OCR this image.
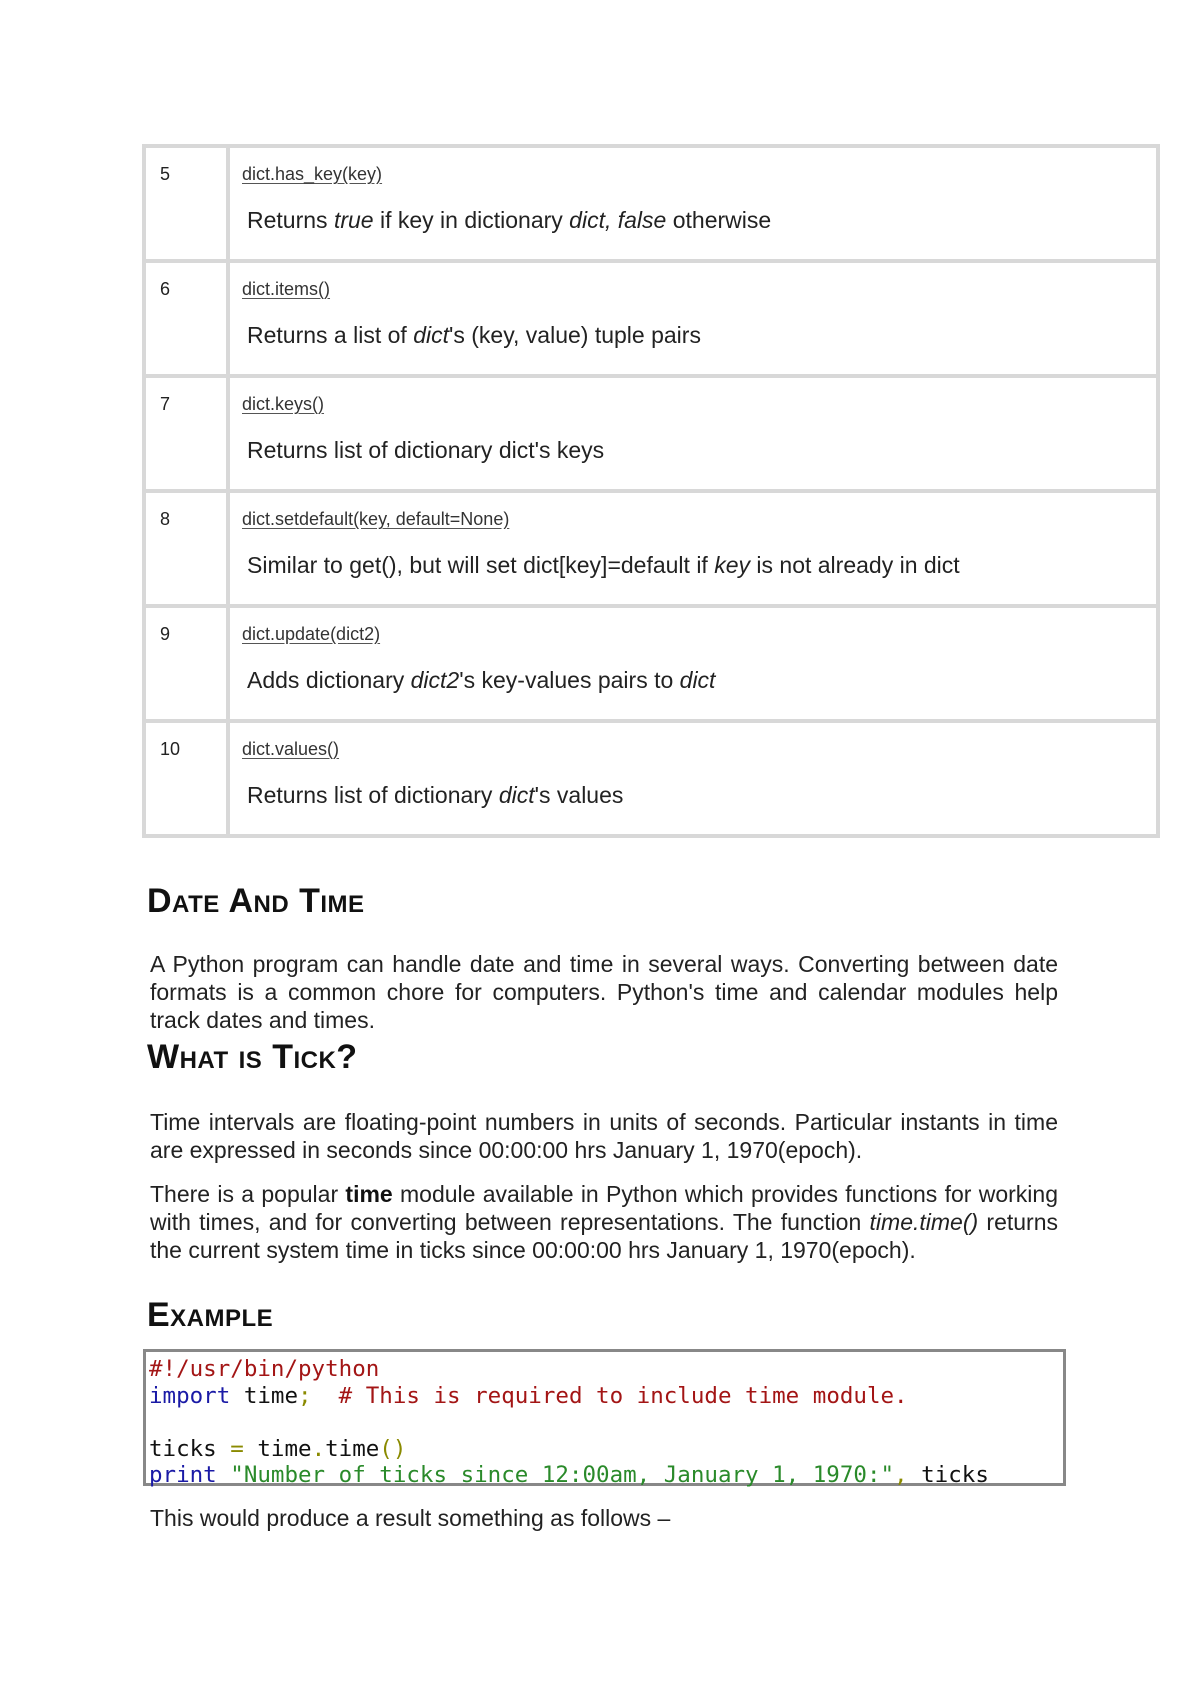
5	dict.has_key(key)
Returns true if key in dictionary dict, false otherwise

6	dict.items()
Returns a list of dict's (key, value) tuple pairs

7	dict.keys()
Returns list of dictionary dict's keys

8	dict.setdefault(key, default=None)
Similar to get(), but will set dict[key]=default if key is not already in dict

9	dict.update(dict2)
Adds dictionary dict2's key-values pairs to dict

10	dict.values()
Returns list of dictionary dict's values
Date And Time

A Python program can handle date and time in several ways. Converting between date formats is a common chore for computers. Python's time and calendar modules help track dates and times.

What is Tick?

Time intervals are floating-point numbers in units of seconds. Particular instants in time are expressed in seconds since 00:00:00 hrs January 1, 1970(epoch).

There is a popular time module available in Python which provides functions for working with times, and for converting between representations. The function time.time() returns the current system time in ticks since 00:00:00 hrs January 1, 1970(epoch).

Example
#!/usr/bin/python
import time;  # This is required to include time module.

ticks = time.time()
print "Number of ticks since 12:00am, January 1, 1970:", ticks

This would produce a result something as follows –
